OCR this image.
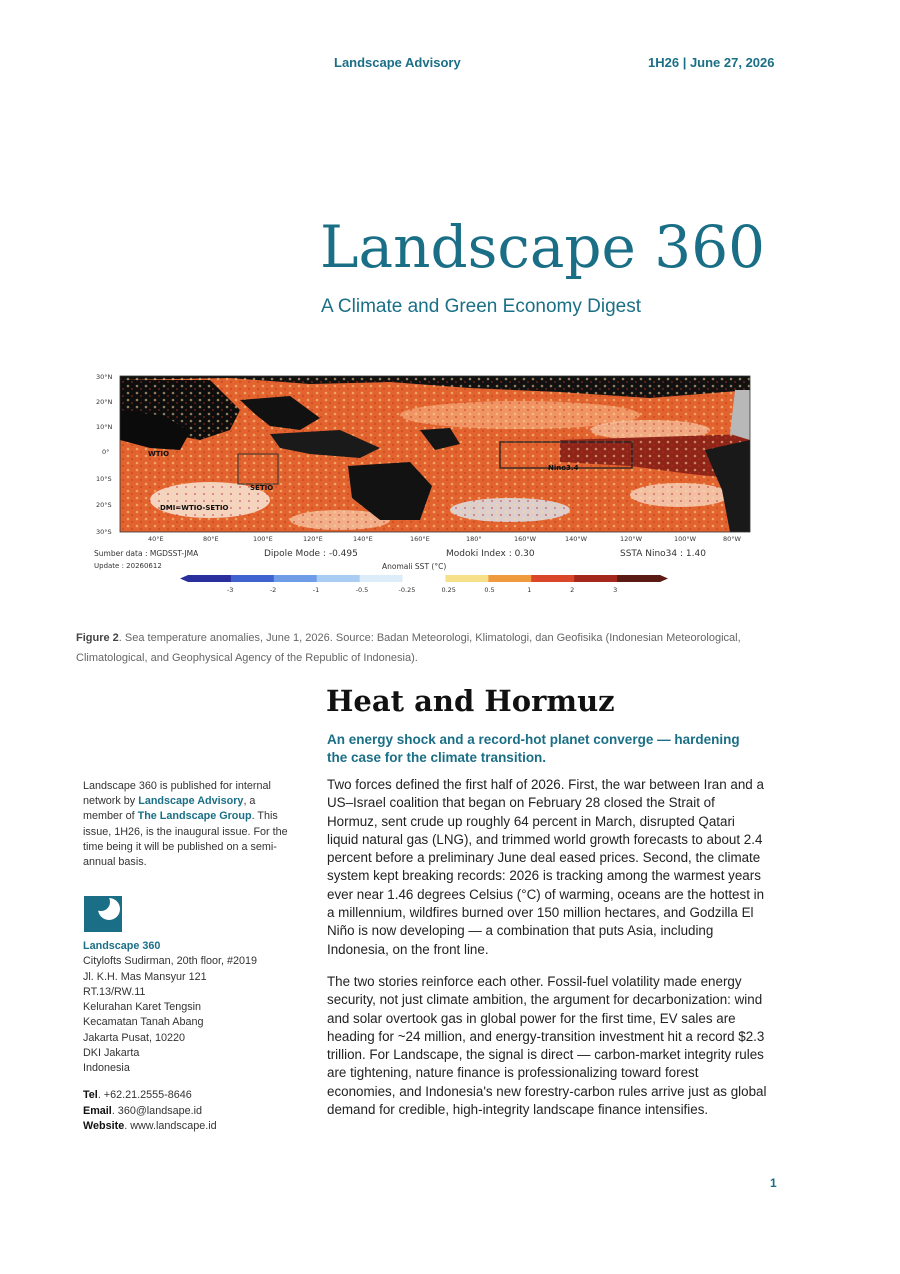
Landscape Advisory	1H26 | June 27, 2026
Landscape 360
A Climate and Green Economy Digest
30°N
20°N
10°N
0°
10°S
20°S
30°S
40°E	80°E	100°E	120°E	140°E	160°E	180°	160°W	140°W	120°W	100°W	80°W
WTIO
SETIO
DMI=WTIO-SETIO
Nino3.4
Sumber data : MGDSST-JMA
Update : 20260612
Dipole Mode : -0.495	Modoki Index : 0.30	SSTA Nino34 : 1.40
Anomali SST (°C)
-3	-2	-1	-0.5	-0.25	0.25	0.5	1	2	3
Figure 2. Sea temperature anomalies, June 1, 2026. Source: Badan Meteorologi, Klimatologi, dan Geofisika (Indonesian Meteorological, Climatological, and Geophysical Agency of the Republic of Indonesia).
Heat and Hormuz
An energy shock and a record-hot planet converge — hardening the case for the climate transition.

Two forces defined the first half of 2026. First, the war between Iran and a US–Israel coalition that began on February 28 closed the Strait of Hormuz, sent crude up roughly 64 percent in March, disrupted Qatari liquid natural gas (LNG), and trimmed world growth forecasts to about 2.4 percent before a preliminary June deal eased prices. Second, the climate system kept breaking records: 2026 is tracking among the warmest years ever near 1.46 degrees Celsius (°C) of warming, oceans are the hottest in a millennium, wildfires burned over 150 million hectares, and Godzilla El Niño is now developing — a combination that puts Asia, including Indonesia, on the front line.

The two stories reinforce each other. Fossil-fuel volatility made energy security, not just climate ambition, the argument for decarbonization: wind and solar overtook gas in global power for the first time, EV sales are heading for ~24 million, and energy-transition investment hit a record $2.3 trillion. For Landscape, the signal is direct — carbon-market integrity rules are tightening, nature finance is professionalizing toward forest economies, and Indonesia's new forestry-carbon rules arrive just as global demand for credible, high-integrity landscape finance intensifies.

Landscape 360 is published for internal network by Landscape Advisory, a member of The Landscape Group. This issue, 1H26, is the inaugural issue. For the time being it will be published on a semi-annual basis.
Landscape 360
Citylofts Sudirman, 20th floor, #2019
Jl. K.H. Mas Mansyur 121
RT.13/RW.11
Kelurahan Karet Tengsin
Kecamatan Tanah Abang
Jakarta Pusat, 10220
DKI Jakarta
Indonesia
Tel. +62.21.2555-8646
Email. 360@landsape.id
Website. www.landscape.id
1
